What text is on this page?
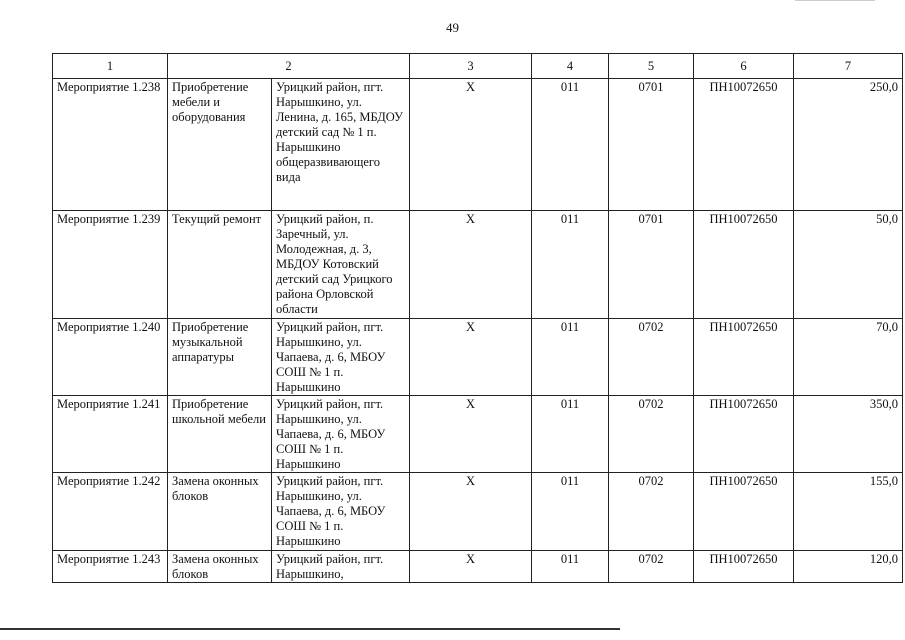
49
1	2		3	4	5	6	7
Мероприятие 1.238	Приобретение мебели и оборудования	Урицкий район, пгт. Нарышкино, ул. Ленина, д. 165, МБДОУ детский сад № 1 п. Нарышкино общеразвивающего вида	X	011	0701	ПН10072650	250,0
Мероприятие 1.239	Текущий ремонт	Урицкий район, п. Заречный, ул. Молодежная, д. 3, МБДОУ Котовский детский сад Урицкого района Орловской области	X	011	0701	ПН10072650	50,0
Мероприятие 1.240	Приобретение музыкальной аппаратуры	Урицкий район, пгт. Нарышкино, ул. Чапаева, д. 6, МБОУ СОШ № 1 п. Нарышкино	X	011	0702	ПН10072650	70,0
Мероприятие 1.241	Приобретение школьной мебели	Урицкий район, пгт. Нарышкино, ул. Чапаева, д. 6, МБОУ СОШ № 1 п. Нарышкино	X	011	0702	ПН10072650	350,0
Мероприятие 1.242	Замена оконных блоков	Урицкий район, пгт. Нарышкино, ул. Чапаева, д. 6, МБОУ СОШ № 1 п. Нарышкино	X	011	0702	ПН10072650	155,0
Мероприятие 1.243	Замена оконных блоков	Урицкий район, пгт. Нарышкино,	X	011	0702	ПН10072650	120,0
